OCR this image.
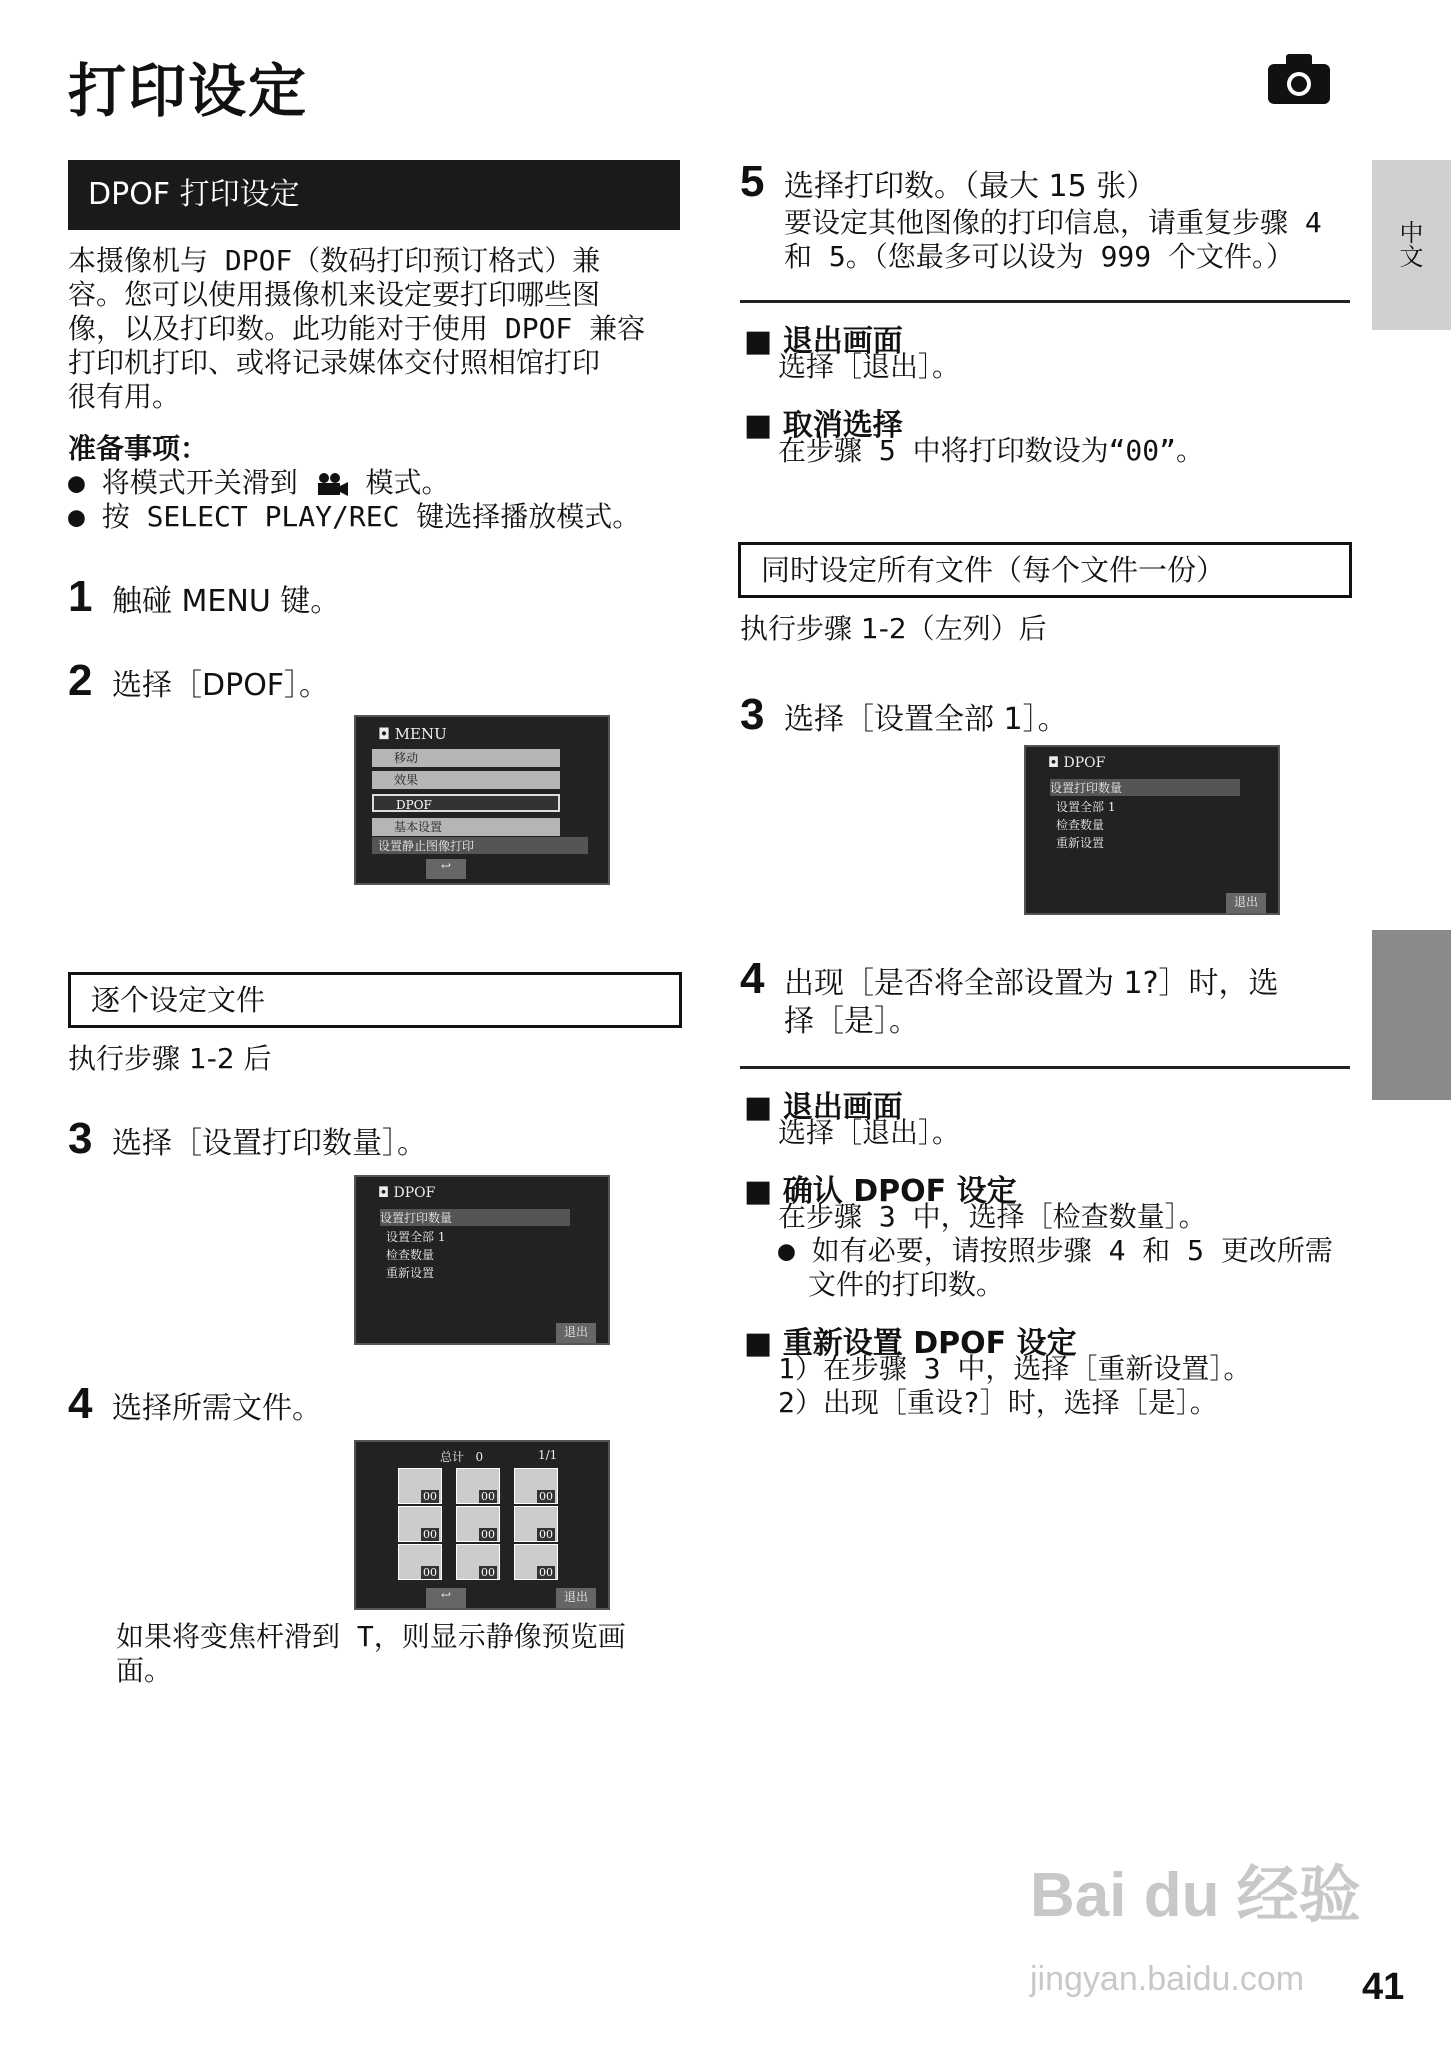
打印设定
中文
DPOF 打印设定
本摄像机与 DPOF（数码打印预订格式）兼
容。您可以使用摄像机来设定要打印哪些图
像，以及打印数。此功能对于使用 DPOF 兼容
打印机打印、或将记录媒体交付照相馆打印
很有用。
准备事项：
● 将模式开关滑到 模式。
● 按 SELECT PLAY/REC 键选择播放模式。
1 触碰 MENU 键。
2 选择［DPOF］。
◘ MENU
移动
效果
DPOF
基本设置
设置静止图像打印
↩
逐个设定文件
执行步骤 1-2 后
3 选择［设置打印数量］。
◘ DPOF
设置打印数量
设置全部 1
检查数量
重新设置
退出
4 选择所需文件。
总计 0	1/1
00	00	00
00	00	00
00	00	00
↩	退出
如果将变焦杆滑到 T，则显示静像预览画
面。
5 选择打印数。（最大 15 张）
要设定其他图像的打印信息，请重复步骤 4
和 5。（您最多可以设为 999 个文件。）
■ 退出画面
选择［退出］。
■ 取消选择
在步骤 5 中将打印数设为“00”。
同时设定所有文件（每个文件一份）
执行步骤 1-2（左列）后
3 选择［设置全部 1］。
◘ DPOF
设置打印数量
设置全部 1
检查数量
重新设置
退出
4 出现［是否将全部设置为 1?］时，选
择［是］。
■ 退出画面
选择［退出］。
■ 确认 DPOF 设定
在步骤 3 中，选择［检查数量］。
● 如有必要，请按照步骤 4 和 5 更改所需
文件的打印数。
■ 重新设置 DPOF 设定
1）在步骤 3 中，选择［重新设置］。
2）出现［重设?］时，选择［是］。
Bai du 经验
jingyan.baidu.com 41
